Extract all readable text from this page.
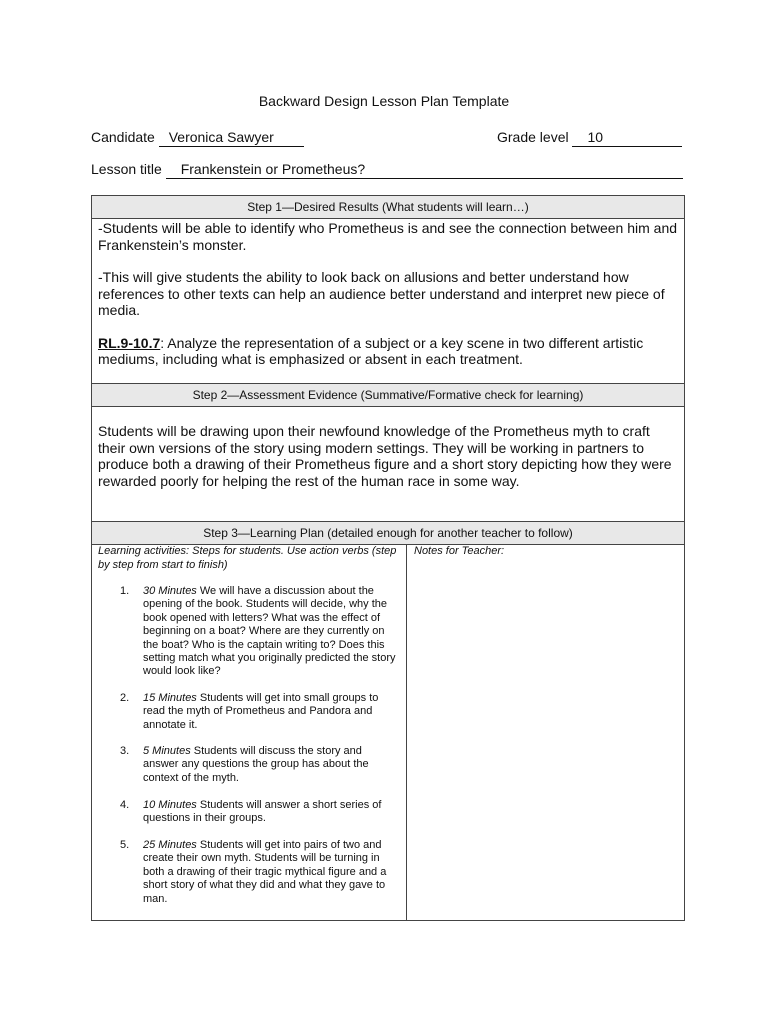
Backward Design Lesson Plan Template
Candidate Veronica Sawyer	Grade level 10
Lesson title Frankenstein or Prometheus?
Step 1—Desired Results (What students will learn…)

-Students will be able to identify who Prometheus is and see the connection between him and Frankenstein’s monster.

-This will give students the ability to look back on allusions and better understand how references to other texts can help an audience better understand and interpret new piece of media.

RL.9-10.7: Analyze the representation of a subject or a key scene in two different artistic mediums, including what is emphasized or absent in each treatment.

Step 2—Assessment Evidence (Summative/Formative check for learning)

Students will be drawing upon their newfound knowledge of the Prometheus myth to craft their own versions of the story using modern settings. They will be working in partners to produce both a drawing of their Prometheus figure and a short story depicting how they were rewarded poorly for helping the rest of the human race in some way.

Step 3—Learning Plan (detailed enough for another teacher to follow)
Learning activities: Steps for students. Use action verbs (step by step from start to finish)
Notes for Teacher:
1. 30 Minutes We will have a discussion about the opening of the book. Students will decide, why the book opened with letters? What was the effect of beginning on a boat? Where are they currently on the boat? Who is the captain writing to? Does this setting match what you originally predicted the story would look like?
2. 15 Minutes Students will get into small groups to read the myth of Prometheus and Pandora and annotate it.
3. 5 Minutes Students will discuss the story and answer any questions the group has about the context of the myth.
4. 10 Minutes Students will answer a short series of questions in their groups.
5. 25 Minutes Students will get into pairs of two and create their own myth. Students will be turning in both a drawing of their tragic mythical figure and a short story of what they did and what they gave to man.
